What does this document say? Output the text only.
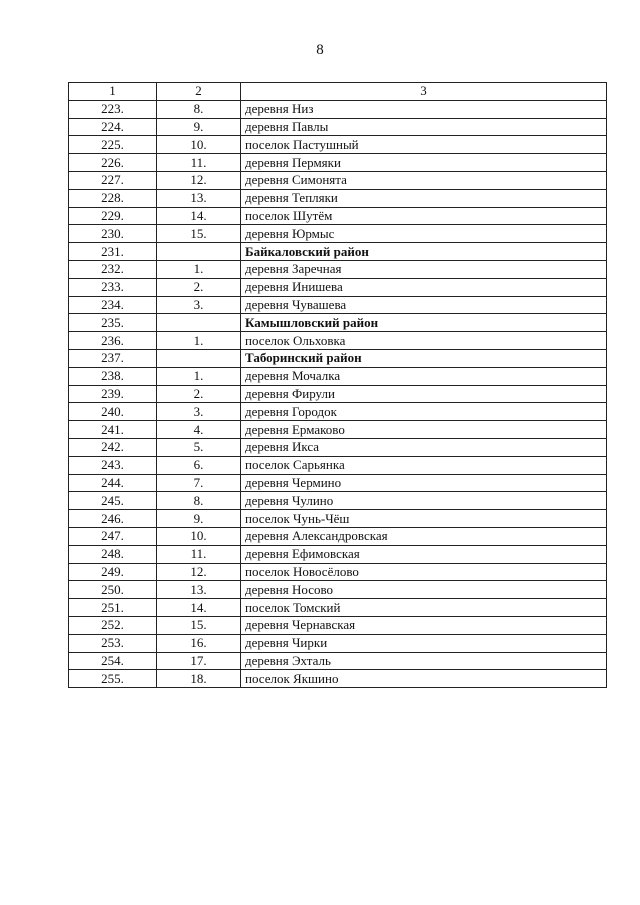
8
1	2	3
223.	8.	деревня Низ
224.	9.	деревня Павлы
225.	10.	поселок Пастушный
226.	11.	деревня Пермяки
227.	12.	деревня Симонята
228.	13.	деревня Тепляки
229.	14.	поселок Шутём
230.	15.	деревня Юрмыс
231.		Байкаловский район
232.	1.	деревня Заречная
233.	2.	деревня Инишева
234.	3.	деревня Чувашева
235.		Камышловский район
236.	1.	поселок Ольховка
237.		Таборинский район
238.	1.	деревня Мочалка
239.	2.	деревня Фирули
240.	3.	деревня Городок
241.	4.	деревня Ермаково
242.	5.	деревня Икса
243.	6.	поселок Сарьянка
244.	7.	деревня Чермино
245.	8.	деревня Чулино
246.	9.	поселок Чунь-Чёш
247.	10.	деревня Александровская
248.	11.	деревня Ефимовская
249.	12.	поселок Новосёлово
250.	13.	деревня Носово
251.	14.	поселок Томский
252.	15.	деревня Чернавская
253.	16.	деревня Чирки
254.	17.	деревня Эхталь
255.	18.	поселок Якшино
